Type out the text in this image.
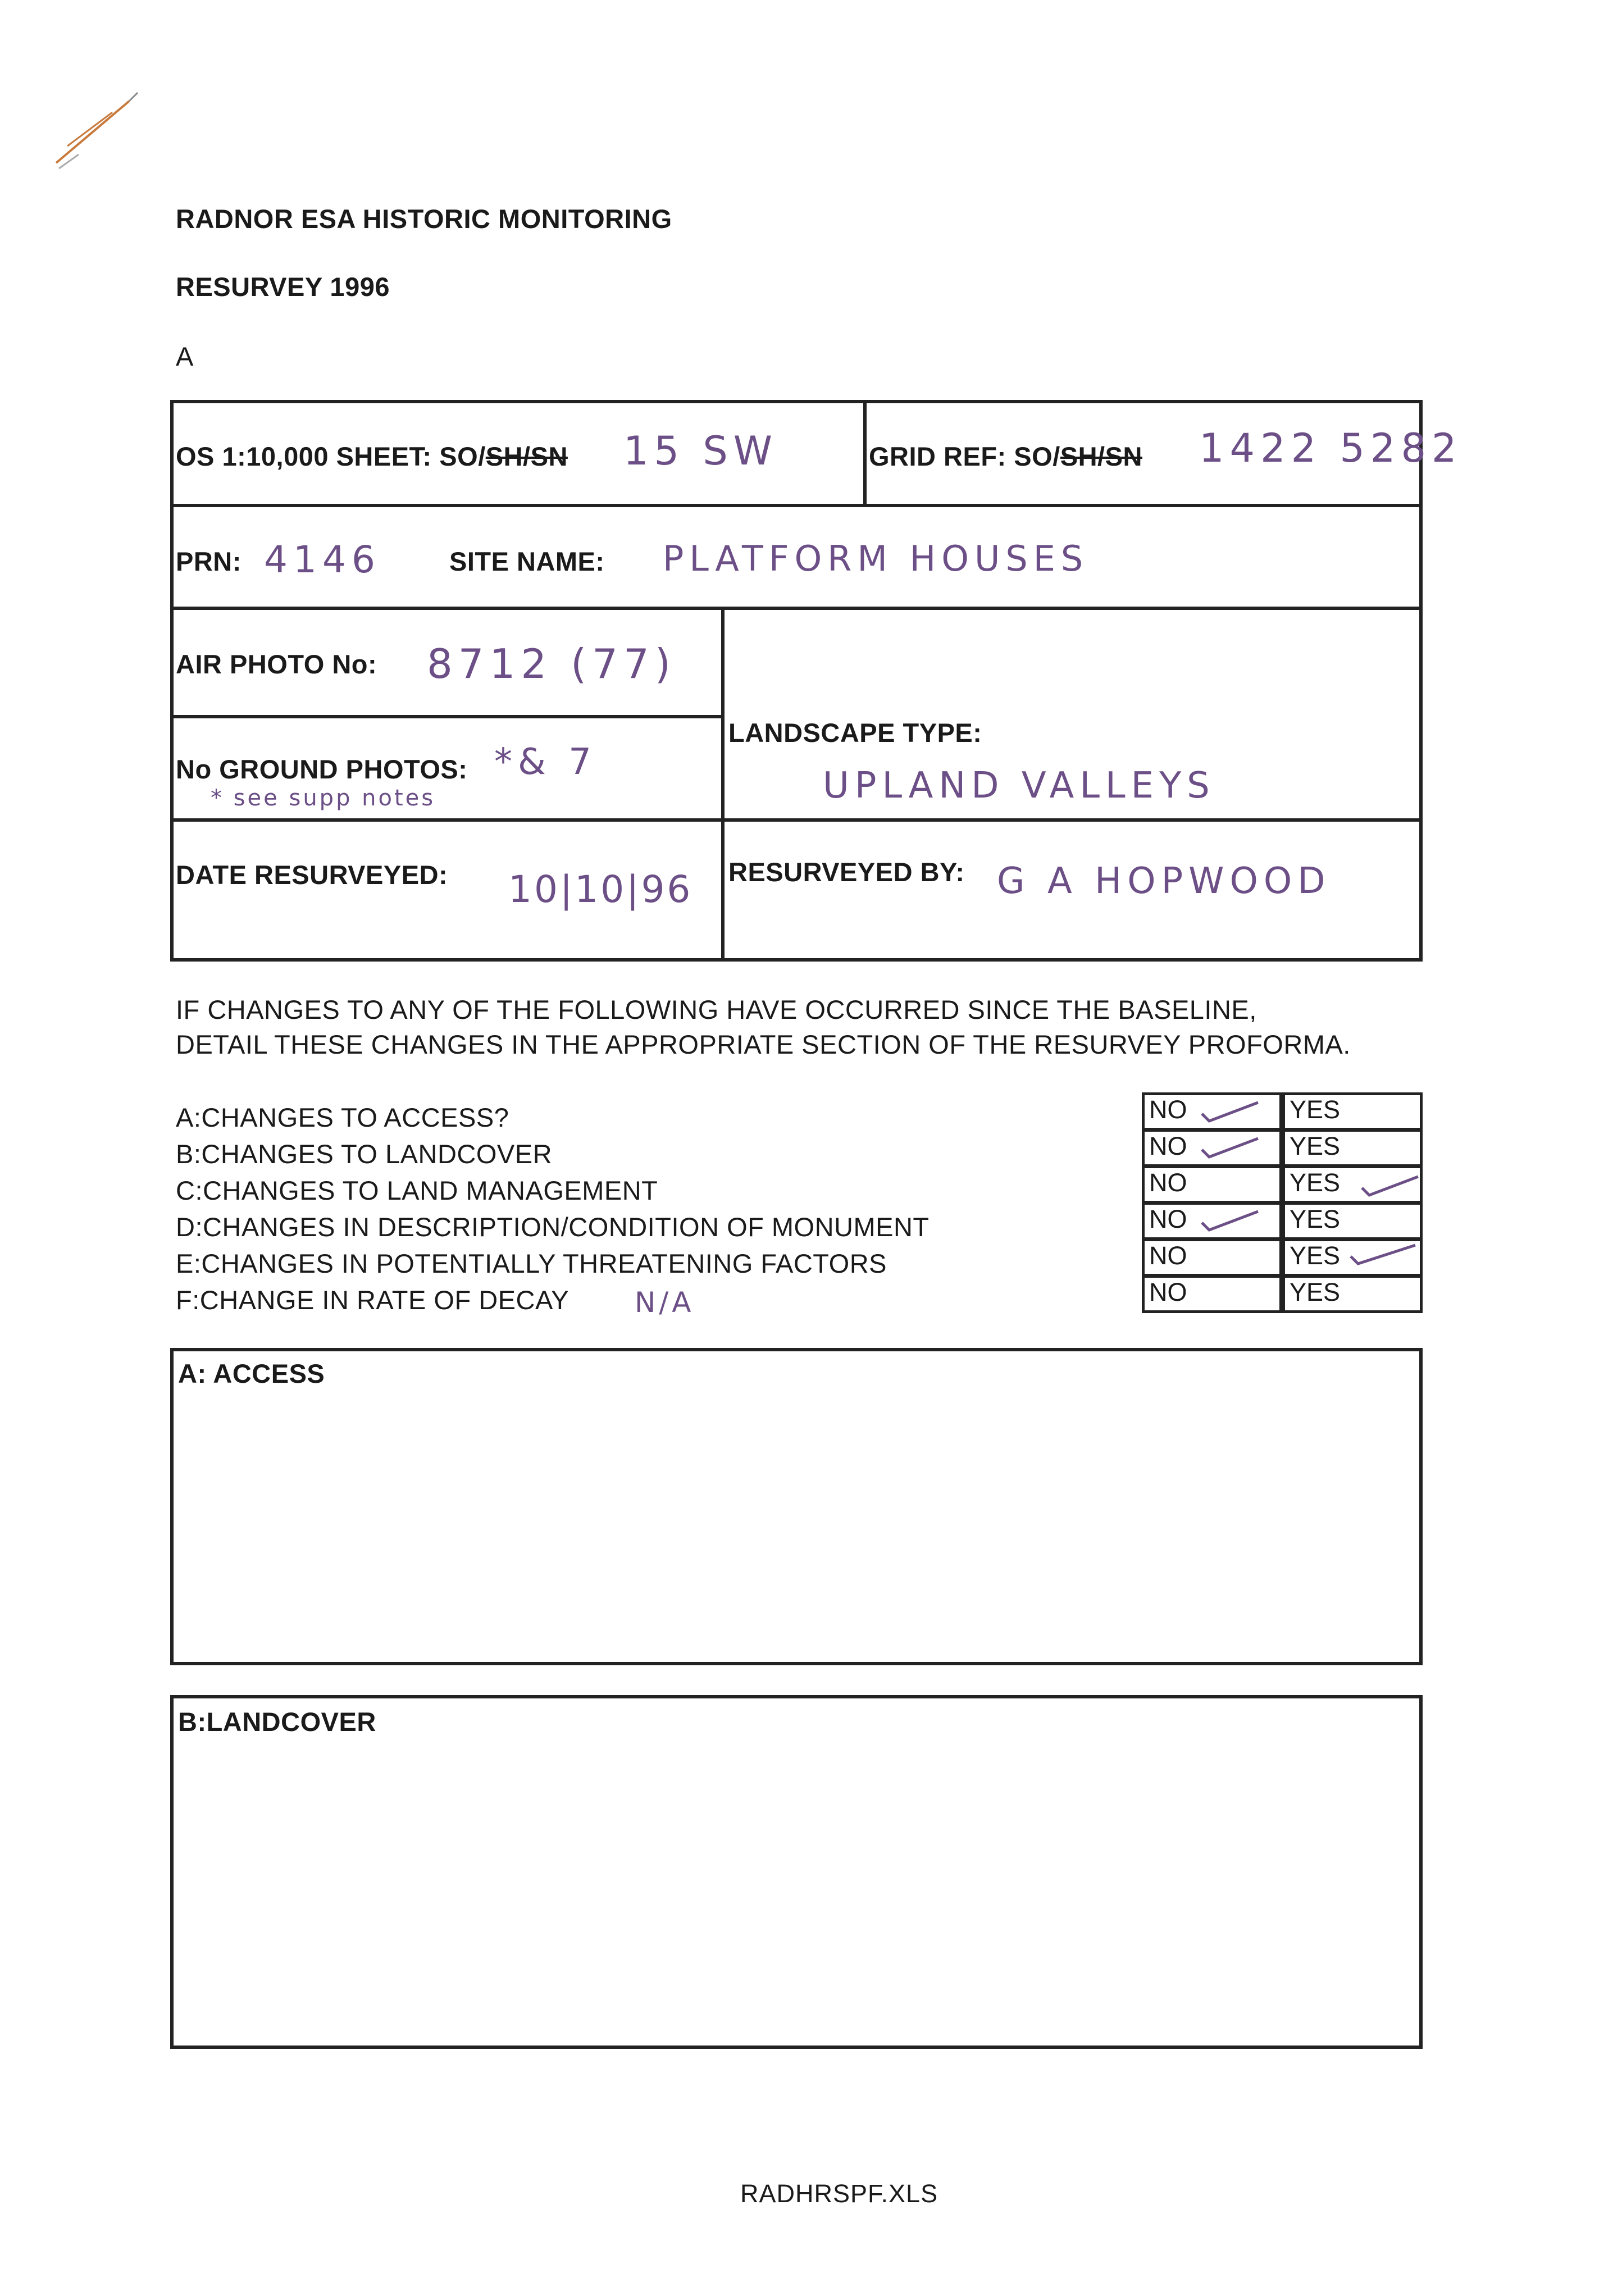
RADNOR ESA HISTORIC MONITORING
RESURVEY 1996
A
OS 1:10,000 SHEET: SO/SH/SN 15 SW	GRID REF: SO/SH/SN 1422 5282
PRN: 4146	SITE NAME: PLATFORM HOUSES
AIR PHOTO No: 8712 (77)
LANDSCAPE TYPE:
UPLAND VALLEYS
No GROUND PHOTOS: *& 7
* see supp notes
DATE RESURVEYED: 10|10|96 RESURVEYED BY: G A HOPWOOD
IF CHANGES TO ANY OF THE FOLLOWING HAVE OCCURRED SINCE THE BASELINE,
DETAIL THESE CHANGES IN THE APPROPRIATE SECTION OF THE RESURVEY PROFORMA.
A:CHANGES TO ACCESS?
B:CHANGES TO LANDCOVER
C:CHANGES TO LAND MANAGEMENT
D:CHANGES IN DESCRIPTION/CONDITION OF MONUMENT
E:CHANGES IN POTENTIALLY THREATENING FACTORS
F:CHANGE IN RATE OF DECAY N/A
NO	YES
NO	YES
NO	YES
NO	YES
NO	YES
NO	YES
A: ACCESS
B:LANDCOVER
RADHRSPF.XLS
